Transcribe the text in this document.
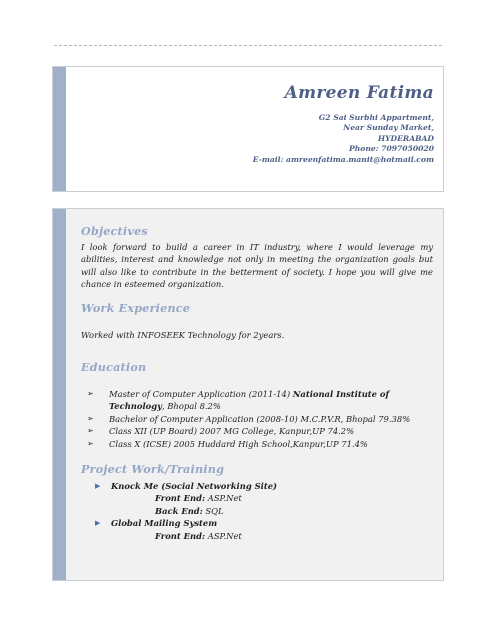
Amreen Fatima
G2 Sai Surbhi Appartment,
Near Sunday Market,
HYDERABAD
Phone: 7097050020
E-mail: amreenfatima.manit@hotmail.com
Objectives

I look forward to build a career in IT industry, where I would leverage my abilities, interest and knowledge not only in meeting the organization goals but will also like to contribute in the betterment of society. I hope you will give me chance in esteemed organization.

Work Experience

Worked with INFOSEEK Technology for 2years.

Education
➢ Master of Computer Application (2011-14) National Institute of Technology, Bhopal 8.2%
➢ Bachelor of Computer Application (2008-10) M.C.P.V.R, Bhopal 79.38%
➢ Class XII (UP Board) 2007 MG College, Kanpur,UP 74.2%
➢ Class X (ICSE) 2005 Huddard High School,Kanpur,UP 71.4%
Project Work/Training
▶ Knock Me (Social Networking Site)

Front End: ASP.Net

Back End: SQL

▶ Global Mailing System

Front End: ASP.Net
